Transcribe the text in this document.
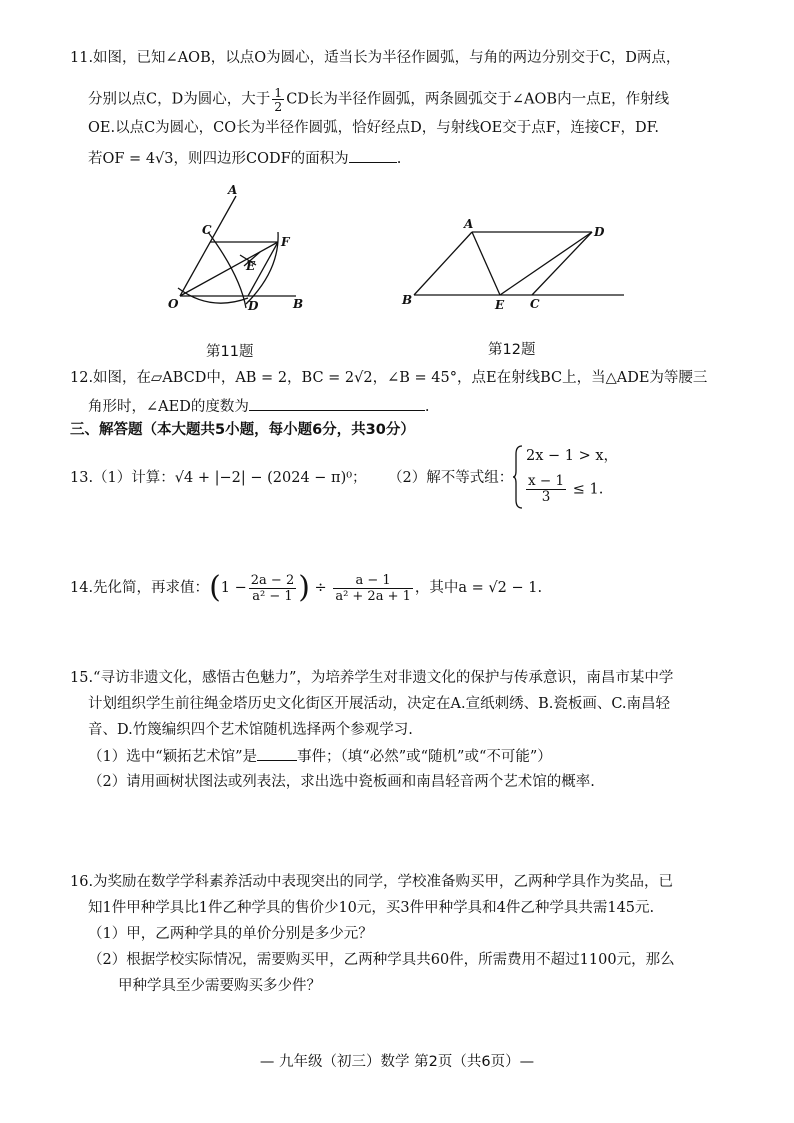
11.如图，已知∠AOB，以点O为圆心，适当长为半径作圆弧，与角的两边分别交于C，D两点，
分别以点C，D为圆心，大于 $\frac{1}{2}$ CD长为半径作圆弧，两条圆弧交于∠AOB内一点E，作射线
OE.以点C为圆心，CO长为半径作圆弧，恰好经点D，与射线OE交于点F，连接CF，DF.
若OF = 4√3，则四边形CODF的面积为	.
A
C
F
E
O	D	B
第11题
A
D
B	E C
第12题
12.如图，在▱ABCD中，AB = 2，BC = 2√2，∠B = 45°，点E在射线BC上，当△ADE为等腰三
角形时，∠AED的度数为	.
三、解答题（本大题共5小题，每小题6分，共30分）
13.（1）计算：√4 + |−2| − (2024 − π)⁰； （2）解不等式组：
2x − 1 > x，
$\frac{x - 1}{3} \le 1$.
14.先化简，再求值：($1 - \frac{2a - 2}{\text{a² − 1}}$ ) ÷ $\frac{a - 1}{\text{a² + 2a + 1}}$ ，其中a = √2 − 1.
15.“寻访非遗文化，感悟古色魅力”，为培养学生对非遗文化的保护与传承意识，南昌市某中学
计划组织学生前往绳金塔历史文化街区开展活动，决定在A.宣纸刺绣、B.瓷板画、C.南昌轻
音、D.竹篾编织四个艺术馆随机选择两个参观学习.
（1）选中“颖拓艺术馆”是	事件；（填“必然”或“随机”或“不可能”）
（2）请用画树状图法或列表法，求出选中瓷板画和南昌轻音两个艺术馆的概率.
16.为奖励在数学学科素养活动中表现突出的同学，学校准备购买甲，乙两种学具作为奖品，已
知1件甲种学具比1件乙种学具的售价少10元，买3件甲种学具和4件乙种学具共需145元.
（1）甲，乙两种学具的单价分别是多少元？
（2）根据学校实际情况，需要购买甲，乙两种学具共60件，所需费用不超过1100元，那么
甲种学具至少需要购买多少件？
— 九年级（初三）数学 第2页（共6页）—
